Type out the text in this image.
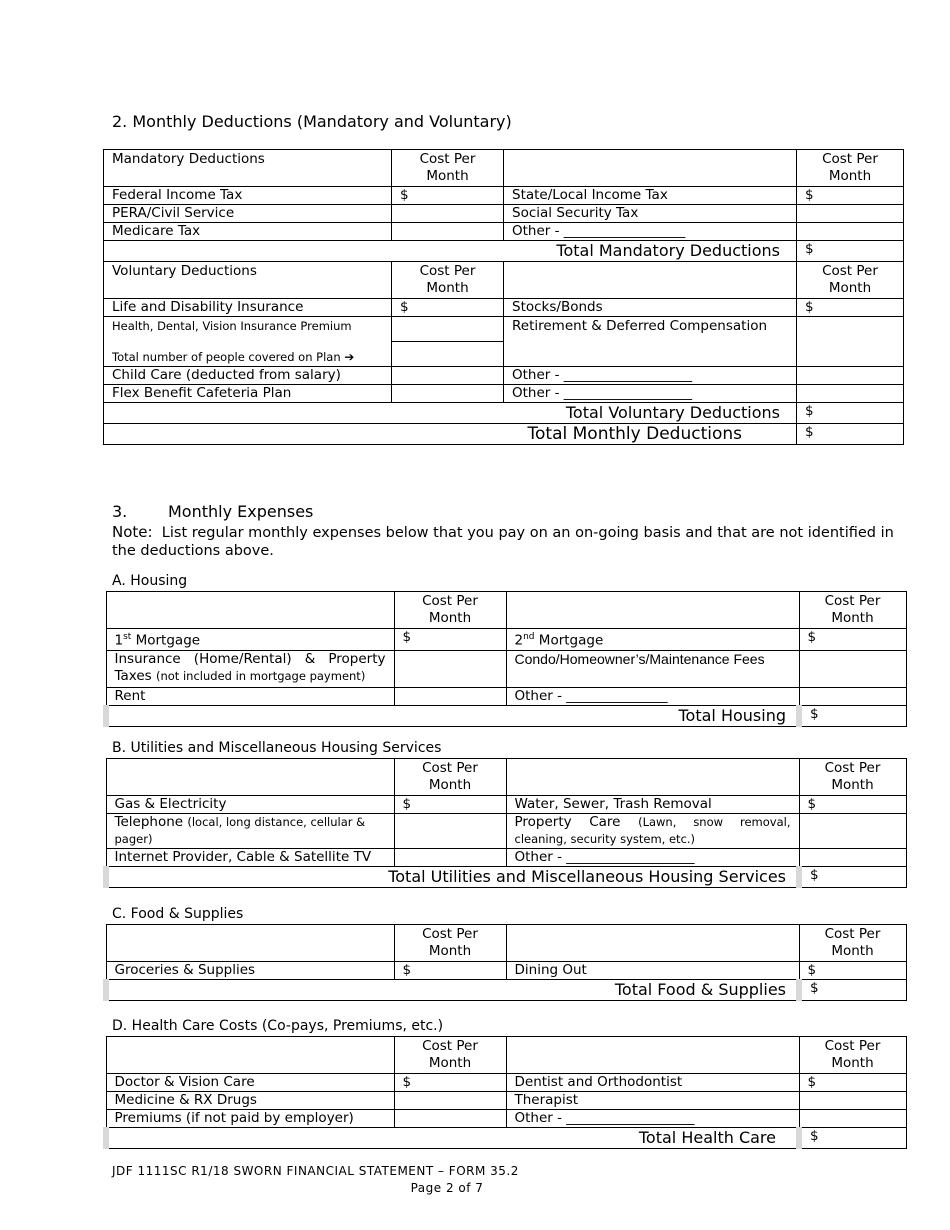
2. Monthly Deductions (Mandatory and Voluntary)
Mandatory Deductions	Cost Per Month		Cost Per Month
Federal Income Tax	$	State/Local Income Tax	$
PERA/Civil Service		Social Security Tax	
Medicare Tax		Other - __________________	
Total Mandatory Deductions			$
Voluntary Deductions	Cost Per Month		Cost Per Month
Life and Disability Insurance	$	Stocks/Bonds	$
Health, Dental, Vision Insurance Premium		Retirement & Deferred Compensation	
Total number of people covered on Plan ➔			
Child Care (deducted from salary)		Other - ___________________	
Flex Benefit Cafeteria Plan		Other - ___________________	
Total Voluntary Deductions			$
Total Monthly Deductions			$
3.	Monthly Expenses
Note: List regular monthly expenses below that you pay on an on-going basis and that are not identified in the deductions above.
A. Housing
	Cost Per Month		Cost Per Month
1st Mortgage	$	2nd Mortgage	$
Insurance (Home/Rental) & Property Taxes (not included in mortgage payment)		Condo/Homeowner’s/Maintenance Fees	
Rent		Other - _______________	
Total Housing			$
B. Utilities and Miscellaneous Housing Services
	Cost Per Month		Cost Per Month
Gas & Electricity	$	Water, Sewer, Trash Removal	$
Telephone (local, long distance, cellular & pager)		Property Care (Lawn, snow removal, cleaning, security system, etc.)	
Internet Provider, Cable & Satellite TV		Other - ___________________	
Total Utilities and Miscellaneous Housing Services			$
C. Food & Supplies
	Cost Per Month		Cost Per Month
Groceries & Supplies	$	Dining Out	$
Total Food & Supplies			$
D. Health Care Costs (Co-pays, Premiums, etc.)
	Cost Per Month		Cost Per Month
Doctor & Vision Care	$	Dentist and Orthodontist	$
Medicine & RX Drugs		Therapist	
Premiums (if not paid by employer)		Other - ___________________	
Total Health Care			$
JDF 1111SC R1/18 SWORN FINANCIAL STATEMENT – FORM 35.2
Page 2 of 7
